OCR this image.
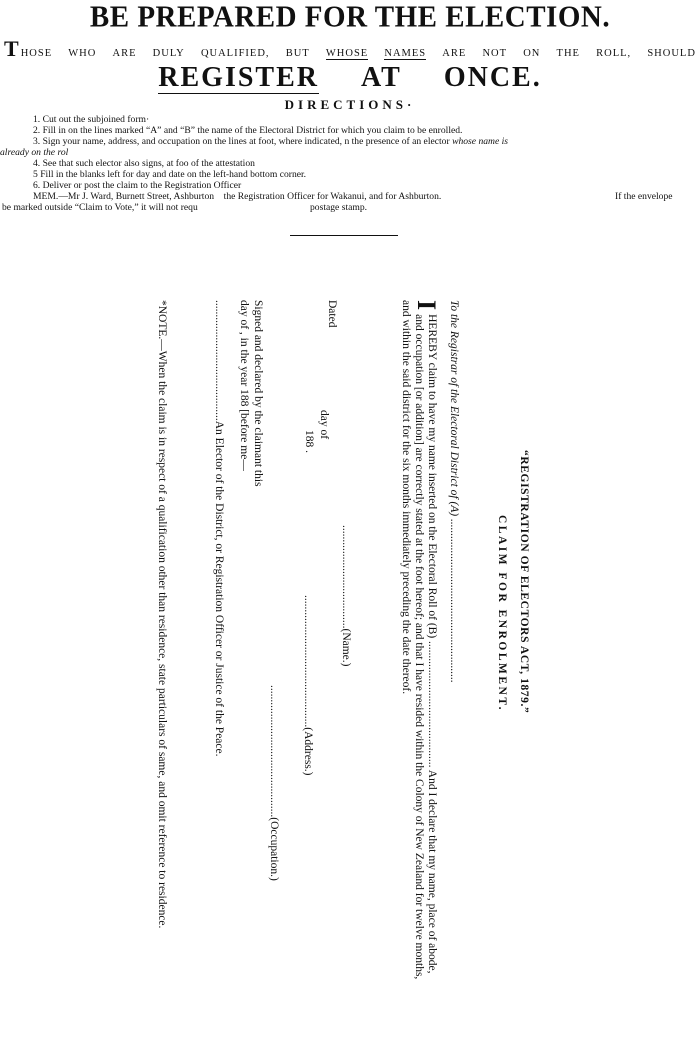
BE PREPARED FOR THE ELECTION.
THOSE WHO ARE DULY QUALIFIED, BUT WHOSE NAMES ARE NOT ON THE ROLL, SHOULD
REGISTER AT ONCE.
DIRECTIONS·
1. Cut out the subjoined form·
2. Fill in on the lines marked “A” and “B” the name of the Electoral District for which you claim to be enrolled.
3. Sign your name, address, and occupation on the lines at foot, where indicated, n the presence of an elector whose name is
already on the rol
4. See that such elector also signs, at foo of the attestation
5 Fill in the blanks left for day and date on the left-hand bottom corner.
6. Deliver or post the claim to the Registration Officer
MEM.—Mr J. Ward, Burnett Street, Ashburton the Registration Officer for Wakanui, and for Ashburton.	If the envelope
be marked outside “Claim to Vote,” it will not requ	postage stamp.
“REGISTRATION OF ELECTORS ACT, 1879.”
CLAIM FOR ENROLMENT.
To the Registrar of the Electoral District of (A) .........................................................
I
HEREBY claim to have my name inserted on the Electoral Roll of (B) ............................................ And I declare that my name, place of abode, and occupation [or addition] are correctly stated at the foot hereof; and that I have resided within the Colony of New Zealand for twelve months, and within the said district for the six months immediately preceding the date thereof.
....................................(Name.)
..............................................(Address.)
..............................................(Occupation.)
Dated
day of
188 .
Signed and declared by the claimant this
day of , in the year 188 [before me—
..........................................An Elector of the District, or Registration Officer or Justice of the Peace.
*NOTE.—When the claim is in respect of a qualification other than residence, state particulars of same, and omit reference to residence.
